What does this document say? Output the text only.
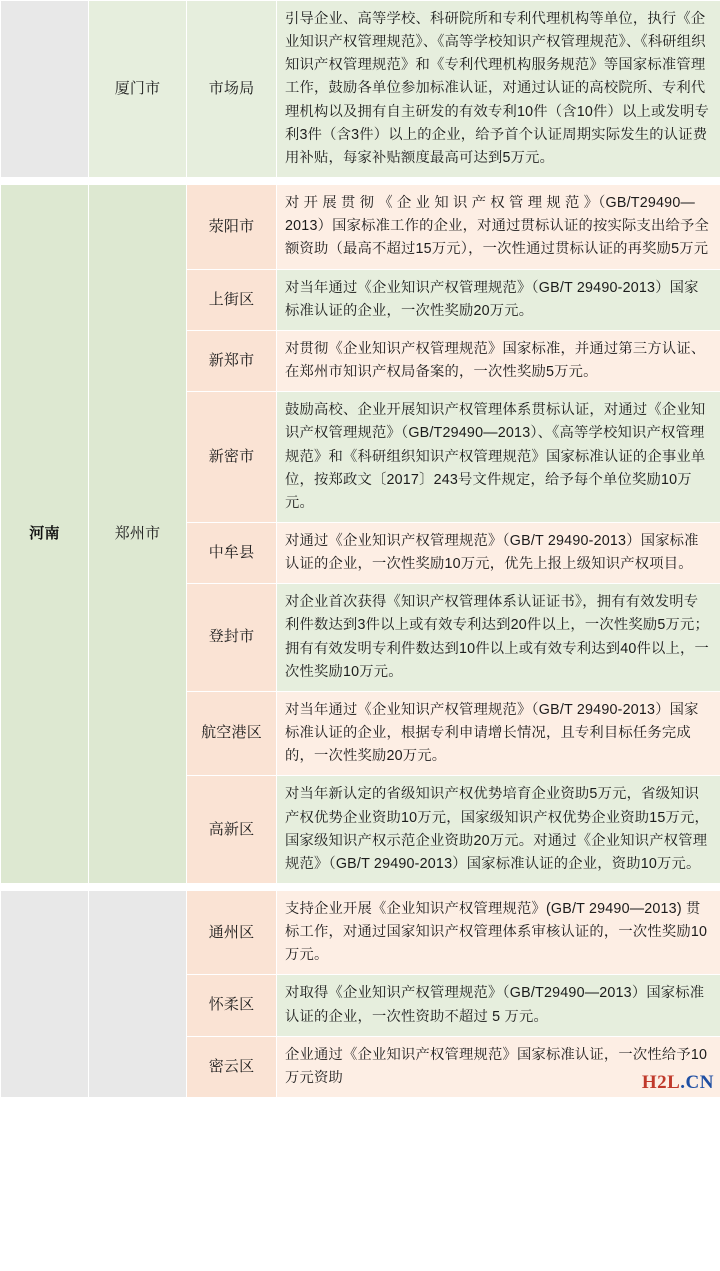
	厦门市	市场局	引导企业、高等学校、科研院所和专利代理机构等单位，执行《企业知识产权管理规范》、《高等学校知识产权管理规范》、《科研组织知识产权管理规范》和《专利代理机构服务规范》等国家标准管理工作，鼓励各单位参加标准认证，对通过认证的高校院所、专利代理机构以及拥有自主研发的有效专利10件（含10件）以上或发明专利3件（含3件）以上的企业，给予首个认证周期实际发生的认证费用补贴，每家补贴额度最高可达到5万元。

河南	郑州市	荥阳市	对 开 展 贯 彻 《 企 业 知 识 产 权 管 理 规 范 》（GB/T29490—2013）国家标准工作的企业，对通过贯标认证的按实际支出给予全额资助（最高不超过15万元），一次性通过贯标认证的再奖励5万元

		上街区	对当年通过《企业知识产权管理规范》（GB/T 29490-2013）国家标准认证的企业，一次性奖励20万元。

		新郑市	对贯彻《企业知识产权管理规范》国家标准，并通过第三方认证、在郑州市知识产权局备案的，一次性奖励5万元。

		新密市	鼓励高校、企业开展知识产权管理体系贯标认证，对通过《企业知识产权管理规范》（GB/T29490—2013）、《高等学校知识产权管理规范》和《科研组织知识产权管理规范》国家标准认证的企事业单位，按郑政文〔2017〕243号文件规定，给予每个单位奖励10万元。

		中牟县	对通过《企业知识产权管理规范》（GB/T 29490-2013）国家标准认证的企业，一次性奖励10万元，优先上报上级知识产权项目。

		登封市	对企业首次获得《知识产权管理体系认证证书》，拥有有效发明专利件数达到3件以上或有效专利达到20件以上，一次性奖励5万元；拥有有效发明专利件数达到10件以上或有效专利达到40件以上，一次性奖励10万元。

		航空港区	对当年通过《企业知识产权管理规范》（GB/T 29490-2013）国家标准认证的企业，根据专利申请增长情况，且专利目标任务完成的，一次性奖励20万元。

		高新区	对当年新认定的省级知识产权优势培育企业资助5万元，省级知识产权优势企业资助10万元，国家级知识产权优势企业资助15万元，国家级知识产权示范企业资助20万元。对通过《企业知识产权管理规范》（GB/T 29490-2013）国家标准认证的企业，资助10万元。

		通州区	支持企业开展《企业知识产权管理规范》(GB/T 29490—2013) 贯标工作，对通过国家知识产权管理体系审核认证的，一次性奖励10万元。

		怀柔区	对取得《企业知识产权管理规范》（GB/T29490—2013）国家标准认证的企业，一次性资助不超过 5 万元。

		密云区	企业通过《企业知识产权管理规范》国家标准认证，一次性给予10万元资助	H2L.CN
